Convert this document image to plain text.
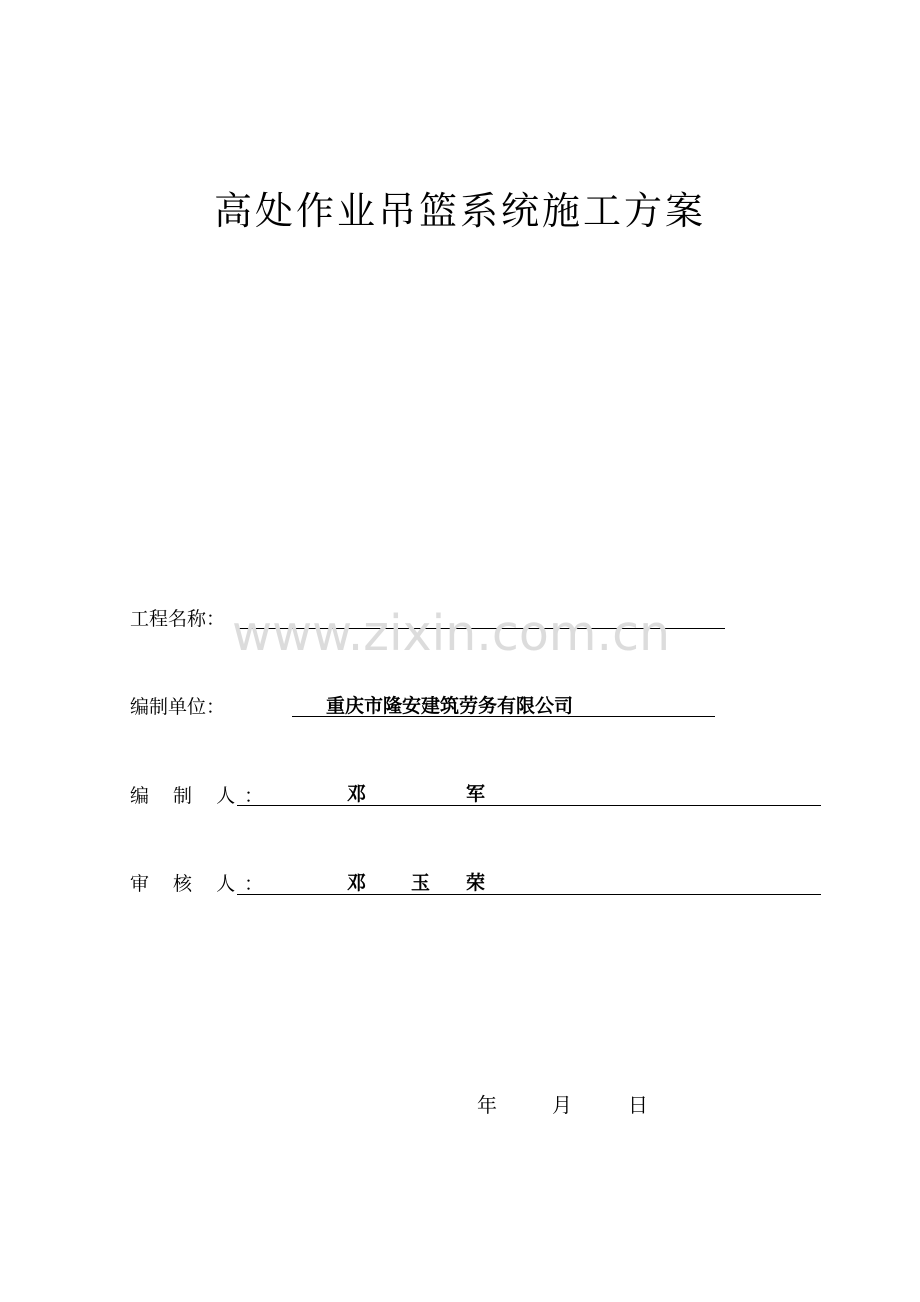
高处作业吊篮系统施工方案
工程名称： www.zixin.com.cn
编制单位：	重庆市隆安建筑劳务有限公司
编 制 人：	邓	军
审 核 人：	邓 玉 荣
年	月	日
